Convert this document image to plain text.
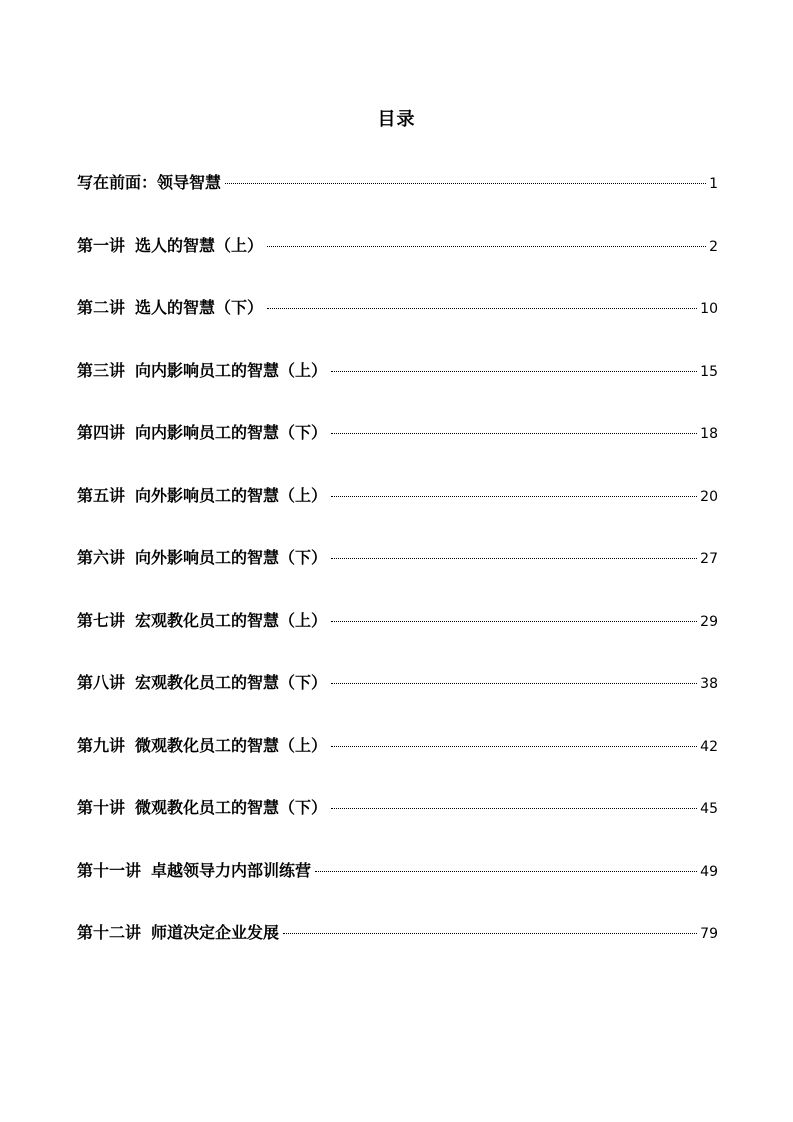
目录
写在前面：领导智慧	1
第一讲 选人的智慧（上）	2
第二讲 选人的智慧（下）	10
第三讲 向内影响员工的智慧（上）	15
第四讲 向内影响员工的智慧（下）	18
第五讲 向外影响员工的智慧（上）	20
第六讲 向外影响员工的智慧（下）	27
第七讲 宏观教化员工的智慧（上）	29
第八讲 宏观教化员工的智慧（下）	38
第九讲 微观教化员工的智慧（上）	42
第十讲 微观教化员工的智慧（下）	45
第十一讲 卓越领导力内部训练营	49
第十二讲 师道决定企业发展	79
